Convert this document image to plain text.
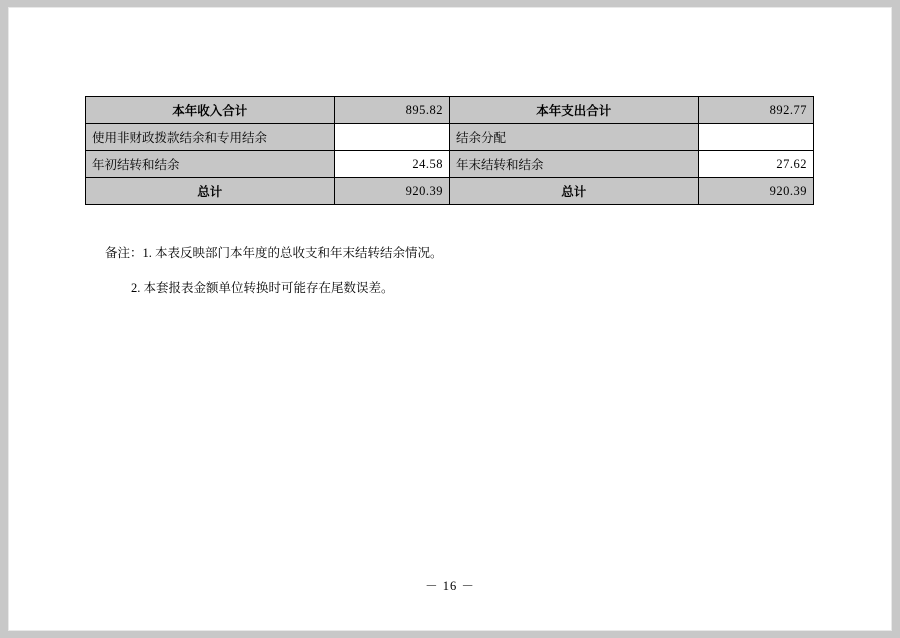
本年收入合计	895.82	本年支出合计	892.77
使用非财政拨款结余和专用结余		结余分配	
年初结转和结余	24.58	年末结转和结余	27.62
总计	920.39	总计	920.39

备注：1. 本表反映部门本年度的总收支和年末结转结余情况。

2. 本套报表金额单位转换时可能存在尾数误差。

－ 16 －
